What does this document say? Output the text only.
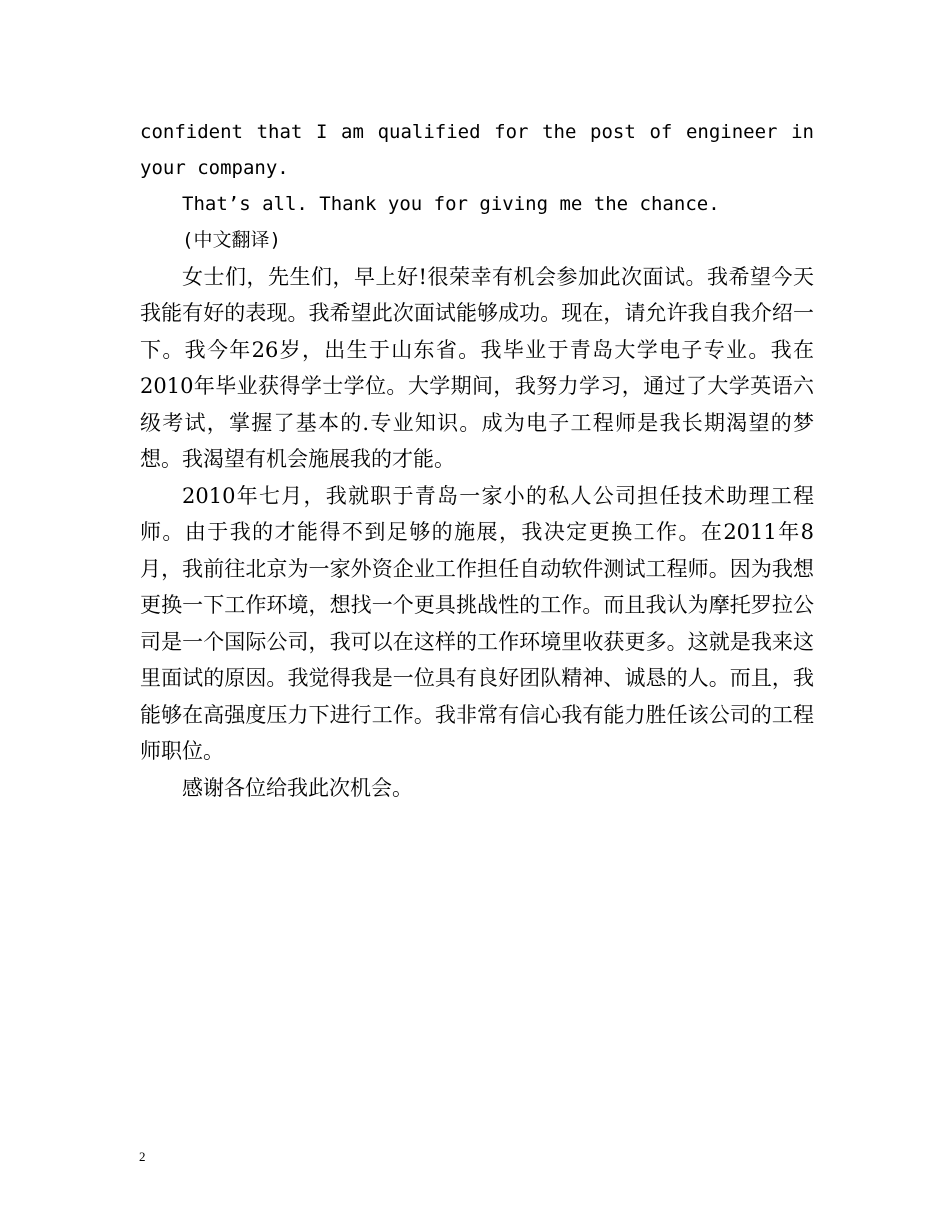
confident that I am qualified for the post of engineer in your company.

That’s all. Thank you for giving me the chance.

(中文翻译)

女士们，先生们，早上好!很荣幸有机会参加此次面试。我希望今天我能有好的表现。我希望此次面试能够成功。现在，请允许我自我介绍一下。我今年26岁，出生于山东省。我毕业于青岛大学电子专业。我在2010年毕业获得学士学位。大学期间，我努力学习，通过了大学英语六级考试，掌握了基本的.专业知识。成为电子工程师是我长期渴望的梦想。我渴望有机会施展我的才能。

2010年七月，我就职于青岛一家小的私人公司担任技术助理工程师。由于我的才能得不到足够的施展，我决定更换工作。在2011年8月，我前往北京为一家外资企业工作担任自动软件测试工程师。因为我想更换一下工作环境，想找一个更具挑战性的工作。而且我认为摩托罗拉公司是一个国际公司，我可以在这样的工作环境里收获更多。这就是我来这里面试的原因。我觉得我是一位具有良好团队精神、诚恳的人。而且，我能够在高强度压力下进行工作。我非常有信心我有能力胜任该公司的工程师职位。

感谢各位给我此次机会。

2
